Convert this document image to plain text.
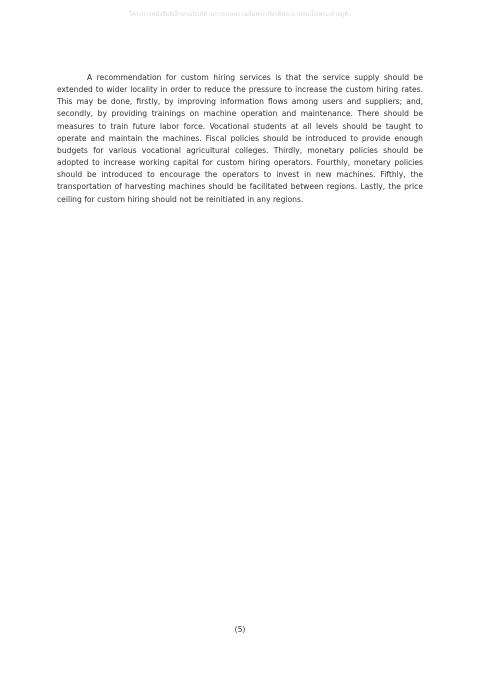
โครงการหนังสืออิเล็กทรอนิกส์ด้านการเกษตร เฉลิมพระเกียรติพระบาทสมเด็จพระเจ้าอยู่หัว

A recommendation for custom hiring services is that the service supply should be extended to wider locality in order to reduce the pressure to increase the custom hiring rates. This may be done, firstly, by improving information flows among users and suppliers; and, secondly, by providing trainings on machine operation and maintenance. There should be measures to train future labor force. Vocational students at all levels should be taught to operate and maintain the machines. Fiscal policies should be introduced to provide enough budgets for various vocational agricultural colleges. Thirdly, monetary policies should be adopted to increase working capital for custom hiring operators. Fourthly, monetary policies should be introduced to encourage the operators to invest in new machines. Fifthly, the transportation of harvesting machines should be facilitated between regions. Lastly, the price ceiling for custom hiring should not be reinitiated in any regions.

(5)
